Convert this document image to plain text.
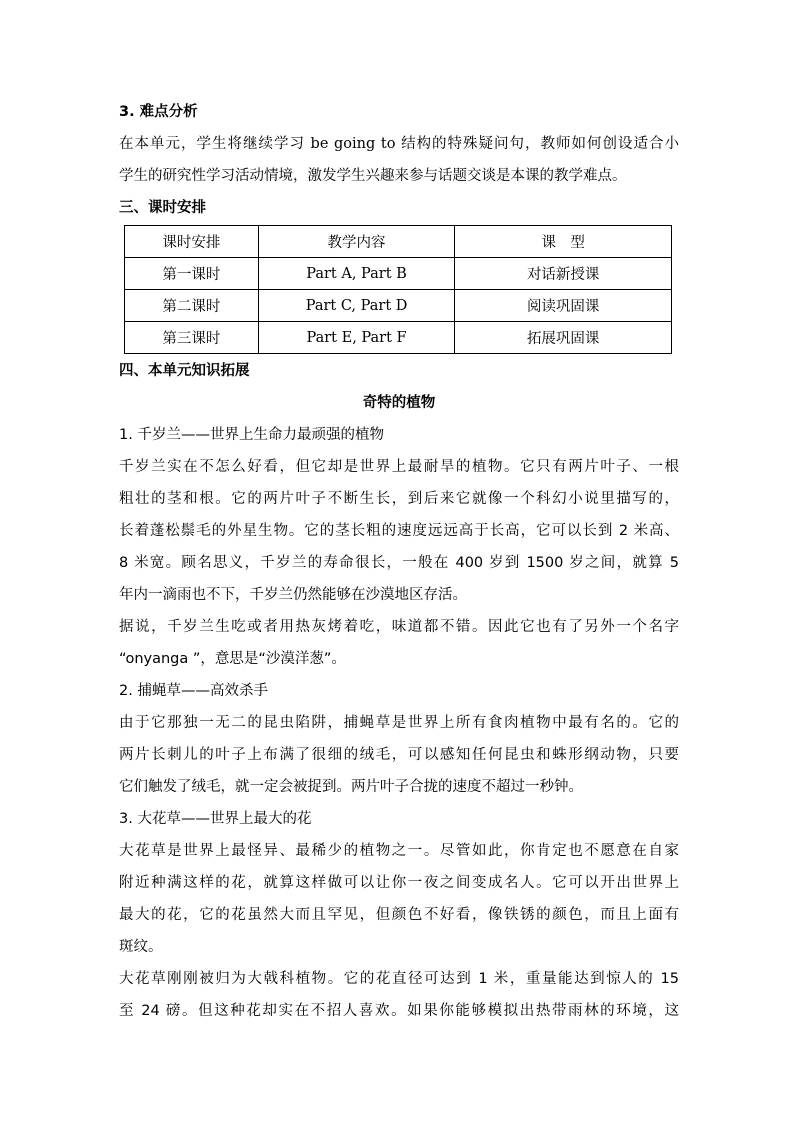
3. 难点分析
在本单元，学生将继续学习 be going to 结构的特殊疑问句，教师如何创设适合小
学生的研究性学习活动情境，激发学生兴趣来参与话题交谈是本课的教学难点。
三、课时安排
课时安排	教学内容	课　型
第一课时	Part A, Part B	对话新授课
第二课时	Part C, Part D	阅读巩固课
第三课时	Part E, Part F	拓展巩固课
四、本单元知识拓展
奇特的植物
1. 千岁兰——世界上生命力最顽强的植物
千岁兰实在不怎么好看，但它却是世界上最耐旱的植物。它只有两片叶子、一根
粗壮的茎和根。它的两片叶子不断生长，到后来它就像一个科幻小说里描写的，
长着蓬松鬃毛的外星生物。它的茎长粗的速度远远高于长高，它可以长到 2 米高、
8 米宽。顾名思义，千岁兰的寿命很长，一般在 400 岁到 1500 岁之间，就算 5
年内一滴雨也不下，千岁兰仍然能够在沙漠地区存活。
据说，千岁兰生吃或者用热灰烤着吃，味道都不错。因此它也有了另外一个名字
“onyanga ”，意思是“沙漠洋葱”。
2. 捕蝇草——高效杀手
由于它那独一无二的昆虫陷阱，捕蝇草是世界上所有食肉植物中最有名的。它的
两片长刺儿的叶子上布满了很细的绒毛，可以感知任何昆虫和蛛形纲动物，只要
它们触发了绒毛，就一定会被捉到。两片叶子合拢的速度不超过一秒钟。
3. 大花草——世界上最大的花
大花草是世界上最怪异、最稀少的植物之一。尽管如此，你肯定也不愿意在自家
附近种满这样的花，就算这样做可以让你一夜之间变成名人。它可以开出世界上
最大的花，它的花虽然大而且罕见，但颜色不好看，像铁锈的颜色，而且上面有
斑纹。
大花草刚刚被归为大戟科植物。它的花直径可达到 1 米，重量能达到惊人的 15
至 24 磅。但这种花却实在不招人喜欢。如果你能够模拟出热带雨林的环境，这
